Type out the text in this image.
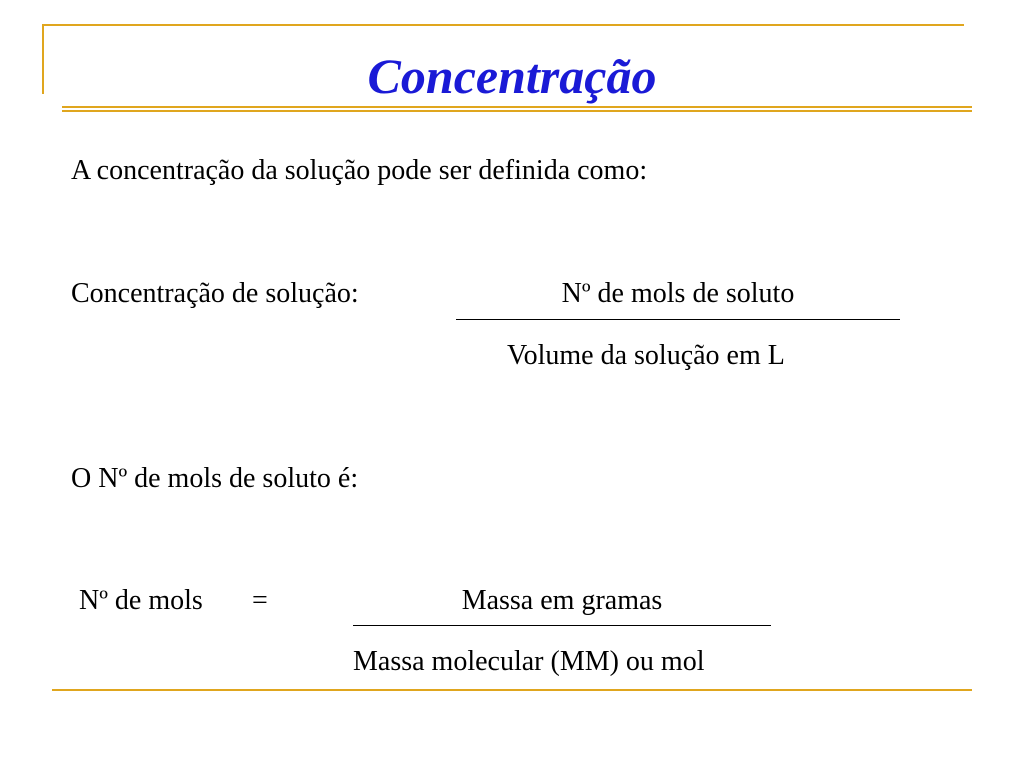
Concentração
A concentração da solução pode ser definida como:
Concentração de solução:	Nº de mols de soluto
Volume da solução em L
O Nº de mols de soluto é:
Nº de mols =	Massa em gramas
Massa molecular (MM) ou mol
